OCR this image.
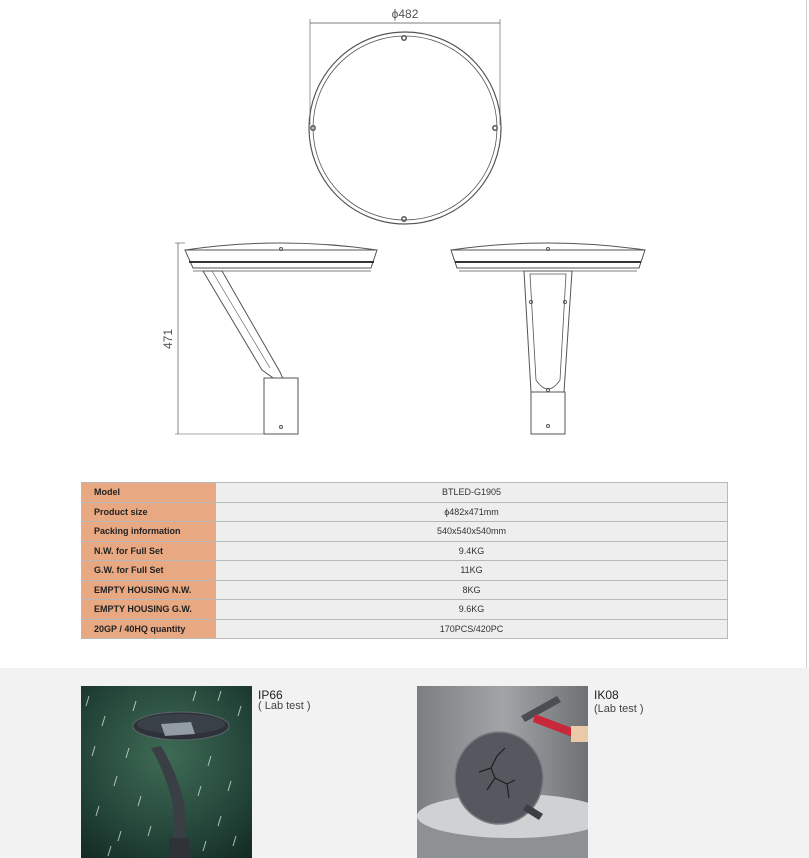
ϕ482
471
Model	BTLED-G1905
Product size	ϕ482x471mm
Packing information	540x540x540mm
N.W. for Full Set	9.4KG
G.W. for Full Set	11KG
EMPTY HOUSING N.W.	8KG
EMPTY HOUSING G.W.	9.6KG
20GP / 40HQ quantity	170PCS/420PC
IP66
( Lab test )
IK08
(Lab test )
